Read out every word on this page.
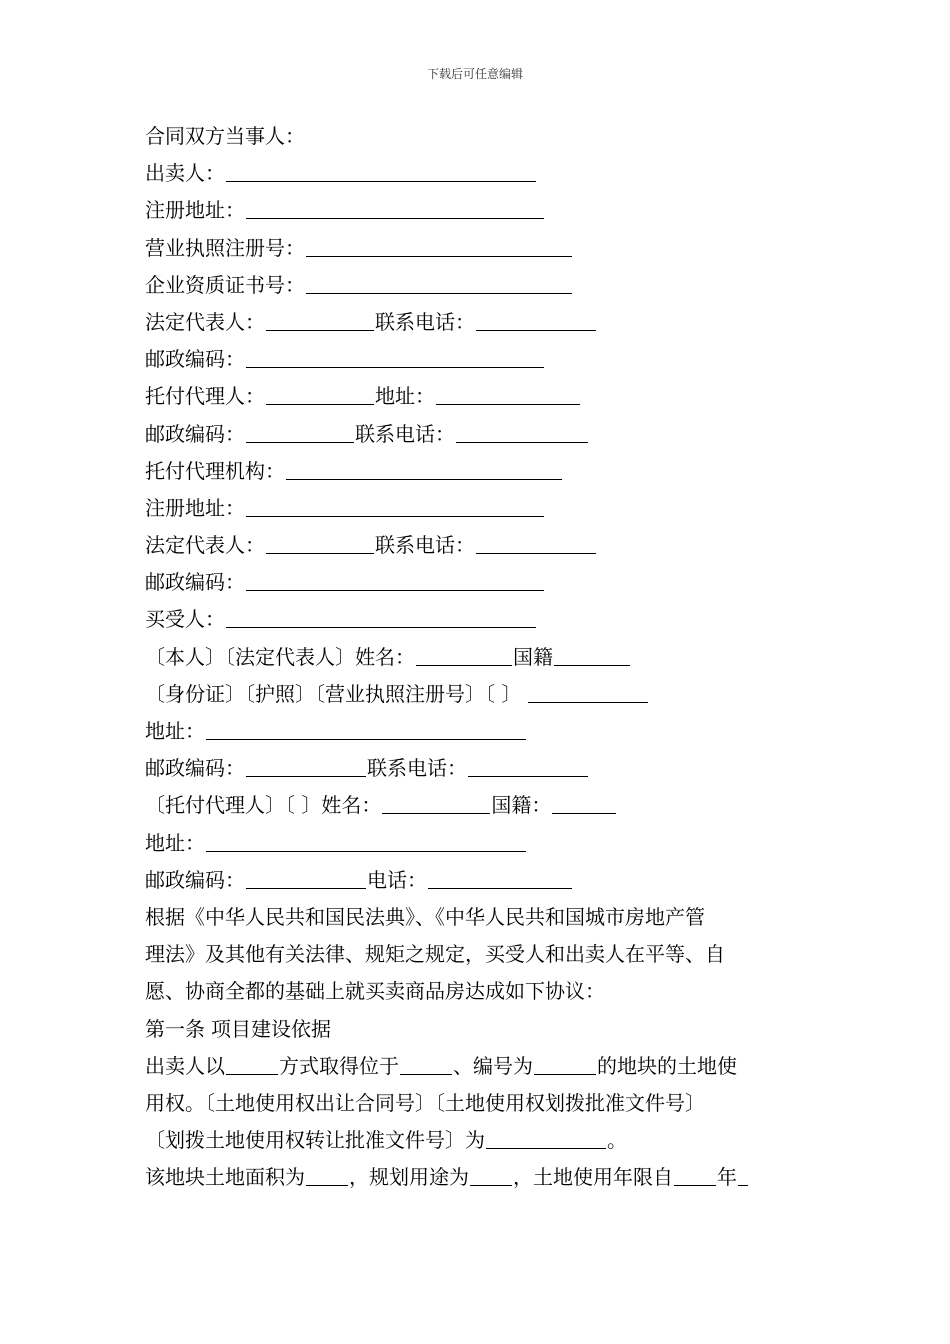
下载后可任意编辑
合同双方当事人：
出卖人：
注册地址：
营业执照注册号：
企业资质证书号：
法定代表人：	联系电话：
邮政编码：
托付代理人：	地址：
邮政编码：	联系电话：
托付代理机构：
注册地址：
法定代表人：	联系电话：
邮政编码：
买受人：
〔本人〕〔法定代表人〕姓名：	国籍
〔身份证〕〔护照〕〔营业执照注册号〕〔 〕
地址：
邮政编码：	联系电话：
〔托付代理人〕〔 〕姓名：	国籍：
地址：
邮政编码：	电话：
根据《中华人民共和国民法典》、《中华人民共和国城市房地产管
理法》及其他有关法律、规矩之规定，买受人和出卖人在平等、自
愿、协商全都的基础上就买卖商品房达成如下协议：
第一条 项目建设依据
出卖人以	方式取得位于	、编号为	的地块的土地使
用权。〔土地使用权出让合同号〕〔土地使用权划拨批准文件号〕
〔划拨土地使用权转让批准文件号〕为	。
该地块土地面积为 ，规划用途为 ，土地使用年限自 年
